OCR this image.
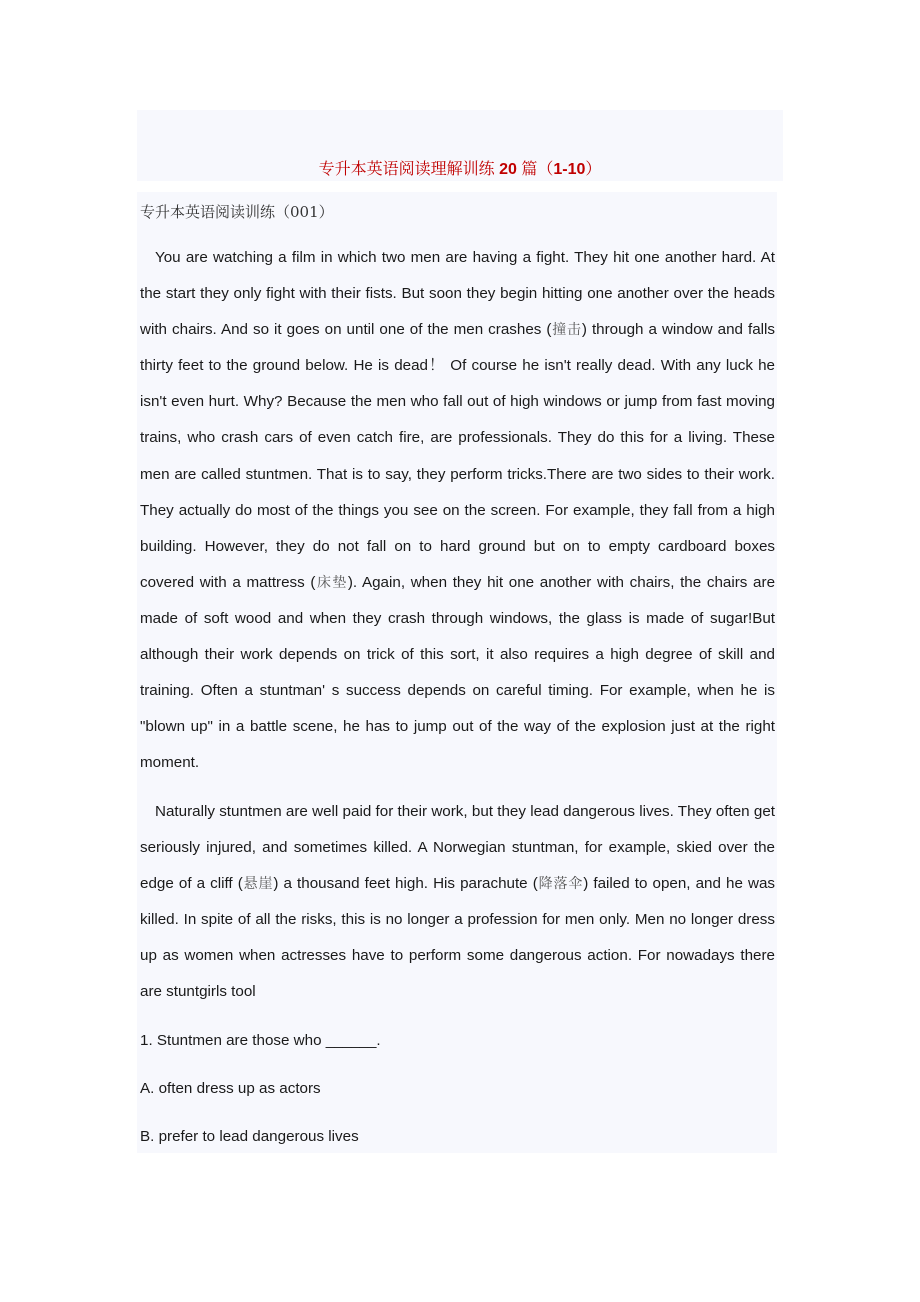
专升本英语阅读理解训练 20 篇（1-10）
专升本英语阅读训练（001）

You are watching a film in which two men are having a fight. They hit one another hard. At the start they only fight with their fists. But soon they begin hitting one another over the heads with chairs. And so it goes on until one of the men crashes (撞击) through a window and falls thirty feet to the ground below. He is dead！ Of course he isn't really dead. With any luck he isn't even hurt. Why? Because the men who fall out of high windows or jump from fast moving trains, who crash cars of even catch fire, are professionals. They do this for a living. These men are called stuntmen. That is to say, they perform tricks.There are two sides to their work. They actually do most of the things you see on the screen. For example, they fall from a high building. However, they do not fall on to hard ground but on to empty cardboard boxes covered with a mattress (床垫). Again, when they hit one another with chairs, the chairs are made of soft wood and when they crash through windows, the glass is made of sugar!But although their work depends on trick of this sort, it also requires a high degree of skill and training. Often a stuntman' s success depends on careful timing. For example, when he is "blown up" in a battle scene, he has to jump out of the way of the explosion just at the right moment.

Naturally stuntmen are well paid for their work, but they lead dangerous lives. They often get seriously injured, and sometimes killed. A Norwegian stuntman, for example, skied over the edge of a cliff (悬崖) a thousand feet high. His parachute (降落伞) failed to open, and he was killed. In spite of all the risks, this is no longer a profession for men only. Men no longer dress up as women when actresses have to perform some dangerous action. For nowadays there are stuntgirls tool

1. Stuntmen are those who ______.
A. often dress up as actors
B. prefer to lead dangerous lives
